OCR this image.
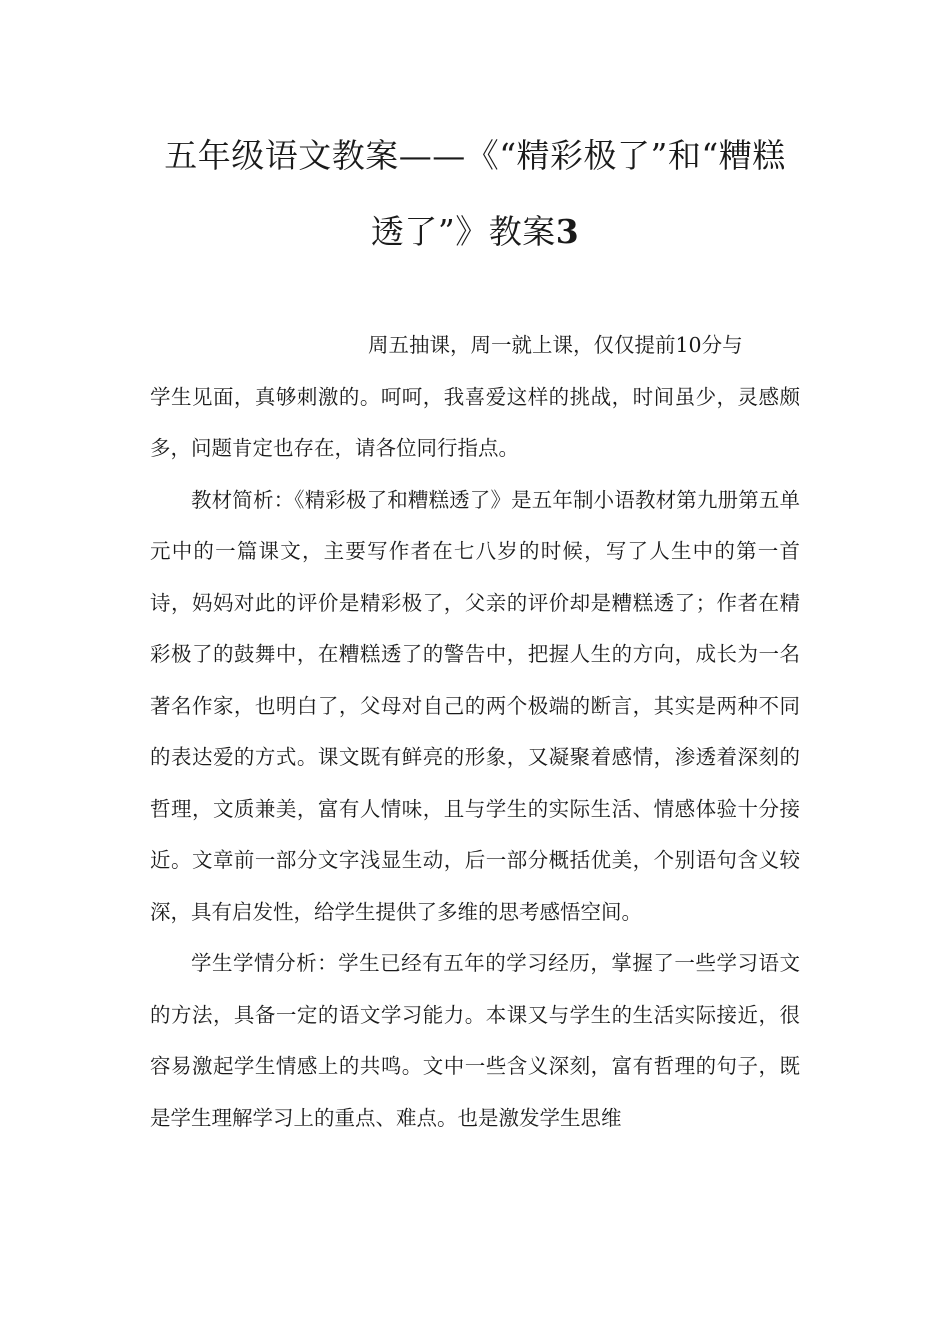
五年级语文教案——《“精彩极了”和“糟糕透了”》教案3

周五抽课，周一就上课，仅仅提前10分与
学生见面，真够刺激的。呵呵，我喜爱这样的挑战，时间虽少，灵感颇多，问题肯定也存在，请各位同行指点。

教材简析：《精彩极了和糟糕透了》是五年制小语教材第九册第五单元中的一篇课文，主要写作者在七八岁的时候，写了人生中的第一首诗，妈妈对此的评价是精彩极了，父亲的评价却是糟糕透了；作者在精彩极了的鼓舞中，在糟糕透了的警告中，把握人生的方向，成长为一名著名作家，也明白了，父母对自己的两个极端的断言，其实是两种不同的表达爱的方式。课文既有鲜亮的形象，又凝聚着感情，渗透着深刻的哲理，文质兼美，富有人情味，且与学生的实际生活、情感体验十分接近。文章前一部分文字浅显生动，后一部分概括优美，个别语句含义较深，具有启发性，给学生提供了多维的思考感悟空间。

学生学情分析：学生已经有五年的学习经历，掌握了一些学习语文的方法，具备一定的语文学习能力。本课又与学生的生活实际接近，很容易激起学生情感上的共鸣。文中一些含义深刻，富有哲理的句子，既是学生理解学习上的重点、难点。也是激发学生思维
